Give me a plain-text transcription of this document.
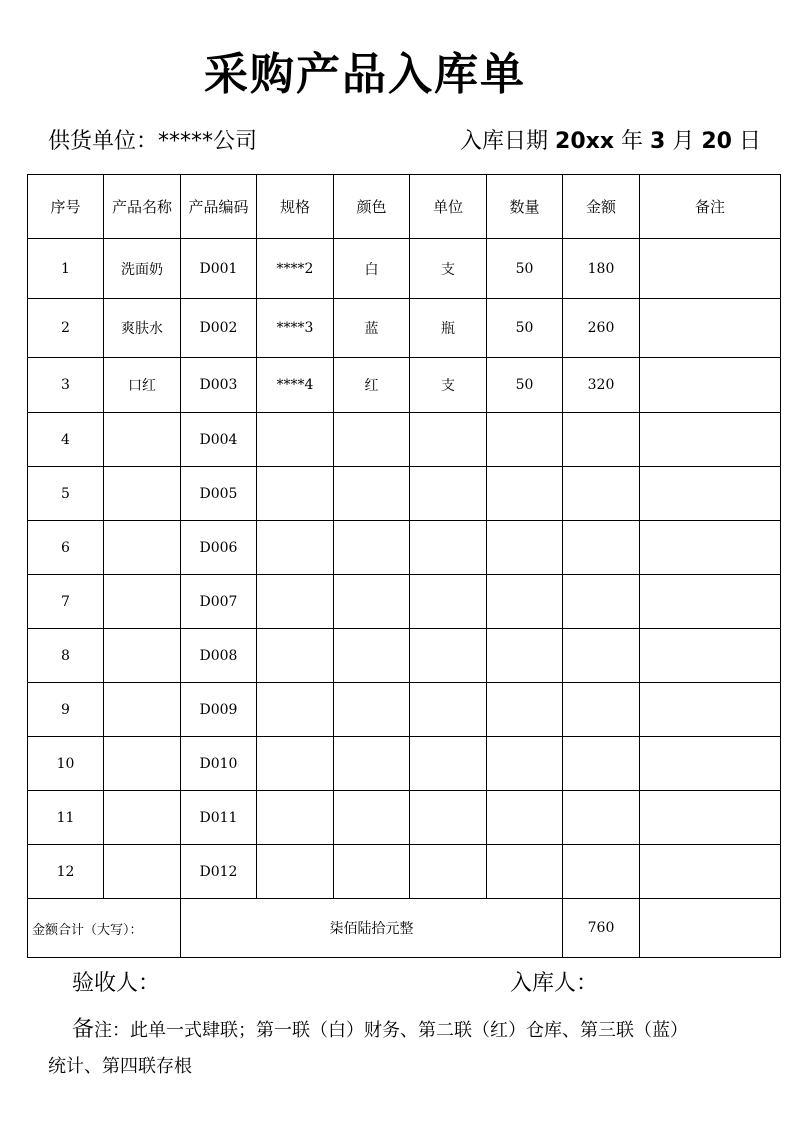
采购产品入库单
供货单位：*****公司	入库日期 20xx 年 3 月 20 日
序号	产品名称	产品编码	规格	颜色	单位	数量	金额	备注
1	洗面奶	D001	****2	白	支	50	180	
2	爽肤水	D002	****3	蓝	瓶	50	260	
3	口红	D003	****4	红	支	50	320	
4		D004						
5		D005						
6		D006						
7		D007						
8		D008						
9		D009						
10		D010						
11		D011						
12		D012						
金额合计（大写）：		柒佰陆拾元整					760	
验收人：	入库人：
备注：此单一式肆联；第一联（白）财务、第二联（红）仓库、第三联（蓝）
统计、第四联存根
